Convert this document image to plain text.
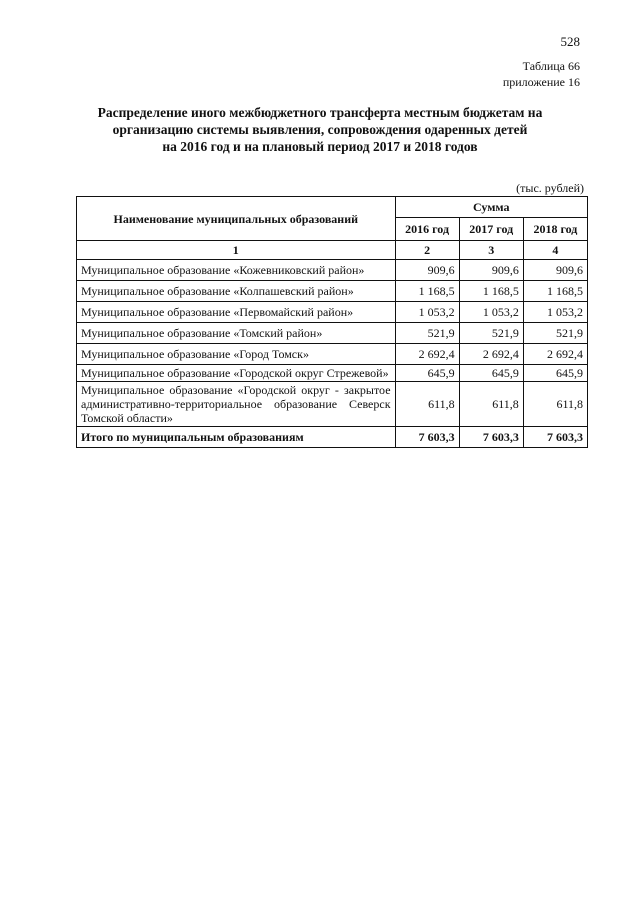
528
Таблица 66
приложение 16
Распределение иного межбюджетного трансферта местным бюджетам на
организацию системы выявления, сопровождения одаренных детей
на 2016 год и на плановый период 2017 и 2018 годов
(тыс. рублей)
Наименование муниципальных образований	Сумма		
	2016 год	2017 год	2018 год
1	2	3	4
Муниципальное образование «Кожевниковский район»	909,6	909,6	909,6
Муниципальное образование «Колпашевский район»	1 168,5	1 168,5	1 168,5
Муниципальное образование «Первомайский район»	1 053,2	1 053,2	1 053,2
Муниципальное образование «Томский район»	521,9	521,9	521,9
Муниципальное образование «Город Томск»	2 692,4	2 692,4	2 692,4
Муниципальное образование «Городской округ Стрежевой»	645,9	645,9	645,9
Муниципальное образование «Городской округ - закрытое административно-территориальное образование Северск Томской области»	611,8	611,8	611,8
Итого по муниципальным образованиям	7 603,3	7 603,3	7 603,3
